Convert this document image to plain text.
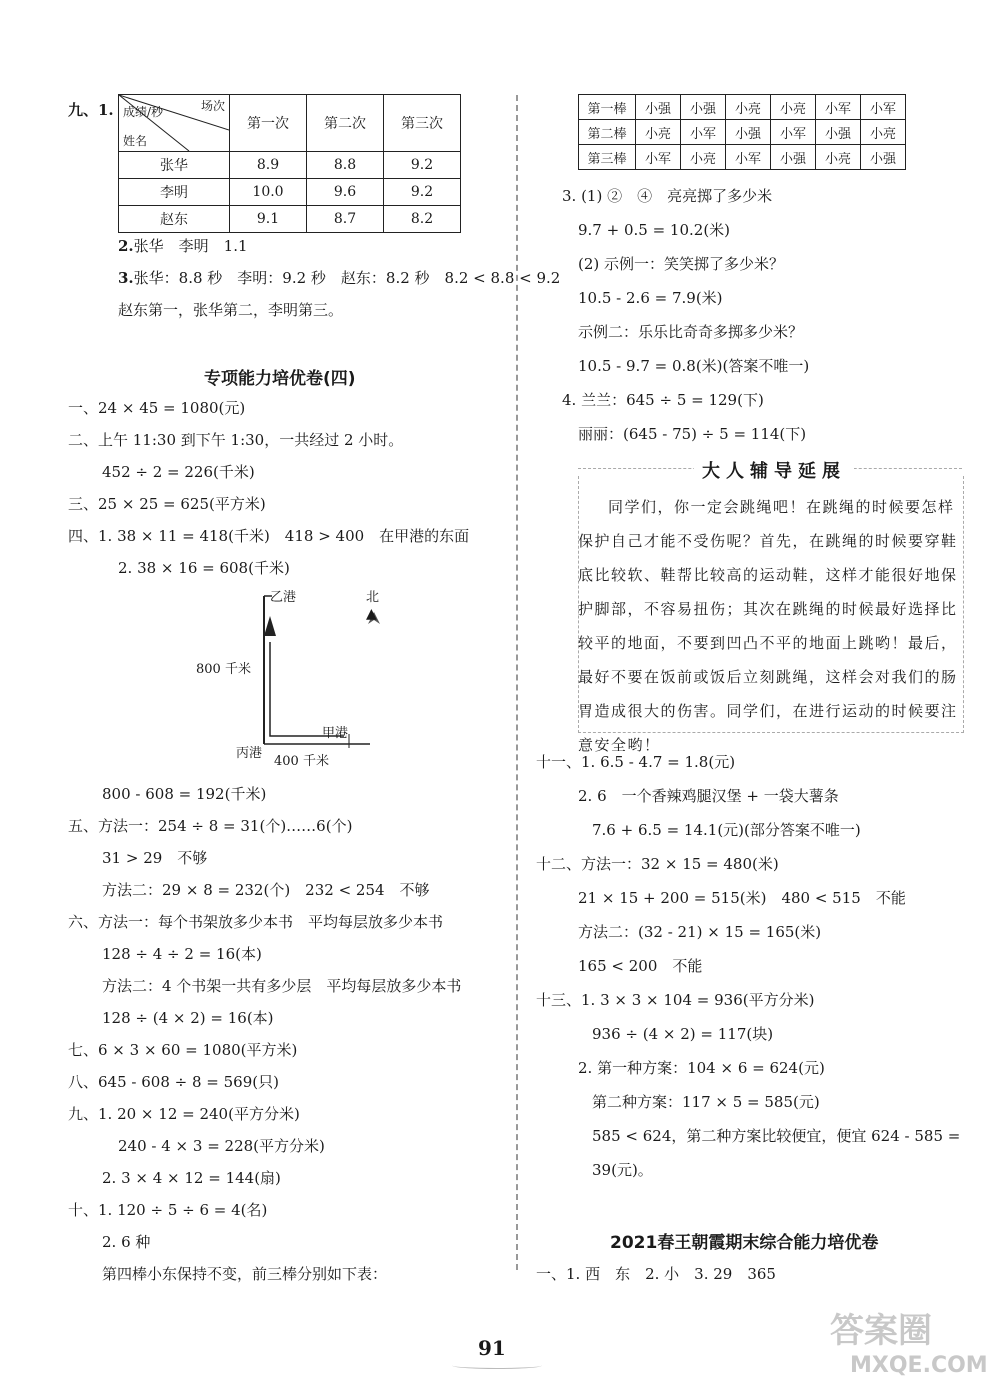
九、1.	场次
成绩/秒
姓名	第一次	第二次	第三次
张华	8.9	8.8	9.2
李明	10.0	9.6	9.2
赵东	9.1	8.7	8.2
2.张华　李明　1.1
3.张华：8.8 秒　李明：9.2 秒　赵东：8.2 秒　8.2 < 8.8 < 9.2
赵东第一，张华第二，李明第三。
专项能力培优卷(四)
一、24 × 45 = 1080(元)
二、上午 11:30 到下午 1:30，一共经过 2 小时。
452 ÷ 2 = 226(千米)
三、25 × 25 = 625(平方米)
四、1. 38 × 11 = 418(千米)　418 > 400　在甲港的东面
2. 38 × 16 = 608(千米)
乙港	北
▲
800 千米
甲港
丙港
400 千米
800 - 608 = 192(千米)
五、方法一：254 ÷ 8 = 31(个)……6(个)
31 > 29　不够
方法二：29 × 8 = 232(个)　232 < 254　不够
六、方法一：每个书架放多少本书　平均每层放多少本书
128 ÷ 4 ÷ 2 = 16(本)
方法二：4 个书架一共有多少层　平均每层放多少本书
128 ÷ (4 × 2) = 16(本)
七、6 × 3 × 60 = 1080(平方米)
八、645 - 608 ÷ 8 = 569(只)
九、1. 20 × 12 = 240(平方分米)
240 - 4 × 3 = 228(平方分米)
2. 3 × 4 × 12 = 144(扇)
十、1. 120 ÷ 5 ÷ 6 = 4(名)
2. 6 种
第四棒小东保持不变，前三棒分别如下表：
第一棒	小强	小强	小亮	小亮	小军	小军
第二棒	小亮	小军	小强	小军	小强	小亮
第三棒	小军	小亮	小军	小强	小亮	小强
3. (1) ②　④　亮亮掷了多少米
9.7 + 0.5 = 10.2(米)
(2) 示例一：笑笑掷了多少米？
10.5 - 2.6 = 7.9(米)
示例二：乐乐比奇奇多掷多少米？
10.5 - 9.7 = 0.8(米)(答案不唯一)
4. 兰兰：645 ÷ 5 = 129(下)
丽丽：(645 - 75) ÷ 5 = 114(下)
大人辅导延展
同学们，你一定会跳绳吧！在跳绳的时候要怎样保护自己才能不受伤呢？首先，在跳绳的时候要穿鞋底比较软、鞋帮比较高的运动鞋，这样才能很好地保护脚部，不容易扭伤；其次在跳绳的时候最好选择比较平的地面，不要到凹凸不平的地面上跳哟！最后，最好不要在饭前或饭后立刻跳绳，这样会对我们的肠胃造成很大的伤害。同学们，在进行运动的时候要注意安全哟！
十一、1. 6.5 - 4.7 = 1.8(元)
2. 6　一个香辣鸡腿汉堡 + 一袋大薯条
7.6 + 6.5 = 14.1(元)(部分答案不唯一)
十二、方法一：32 × 15 = 480(米)
21 × 15 + 200 = 515(米)　480 < 515　不能
方法二：(32 - 21) × 15 = 165(米)
165 < 200　不能
十三、1. 3 × 3 × 104 = 936(平方分米)
936 ÷ (4 × 2) = 117(块)
2. 第一种方案：104 × 6 = 624(元)
第二种方案：117 × 5 = 585(元)
585 < 624，第二种方案比较便宜，便宜 624 - 585 =
39(元)。
2021春王朝霞期末综合能力培优卷
一、1. 西　东　2. 小　3. 29　365
91	答案圈
MXQE.COM
